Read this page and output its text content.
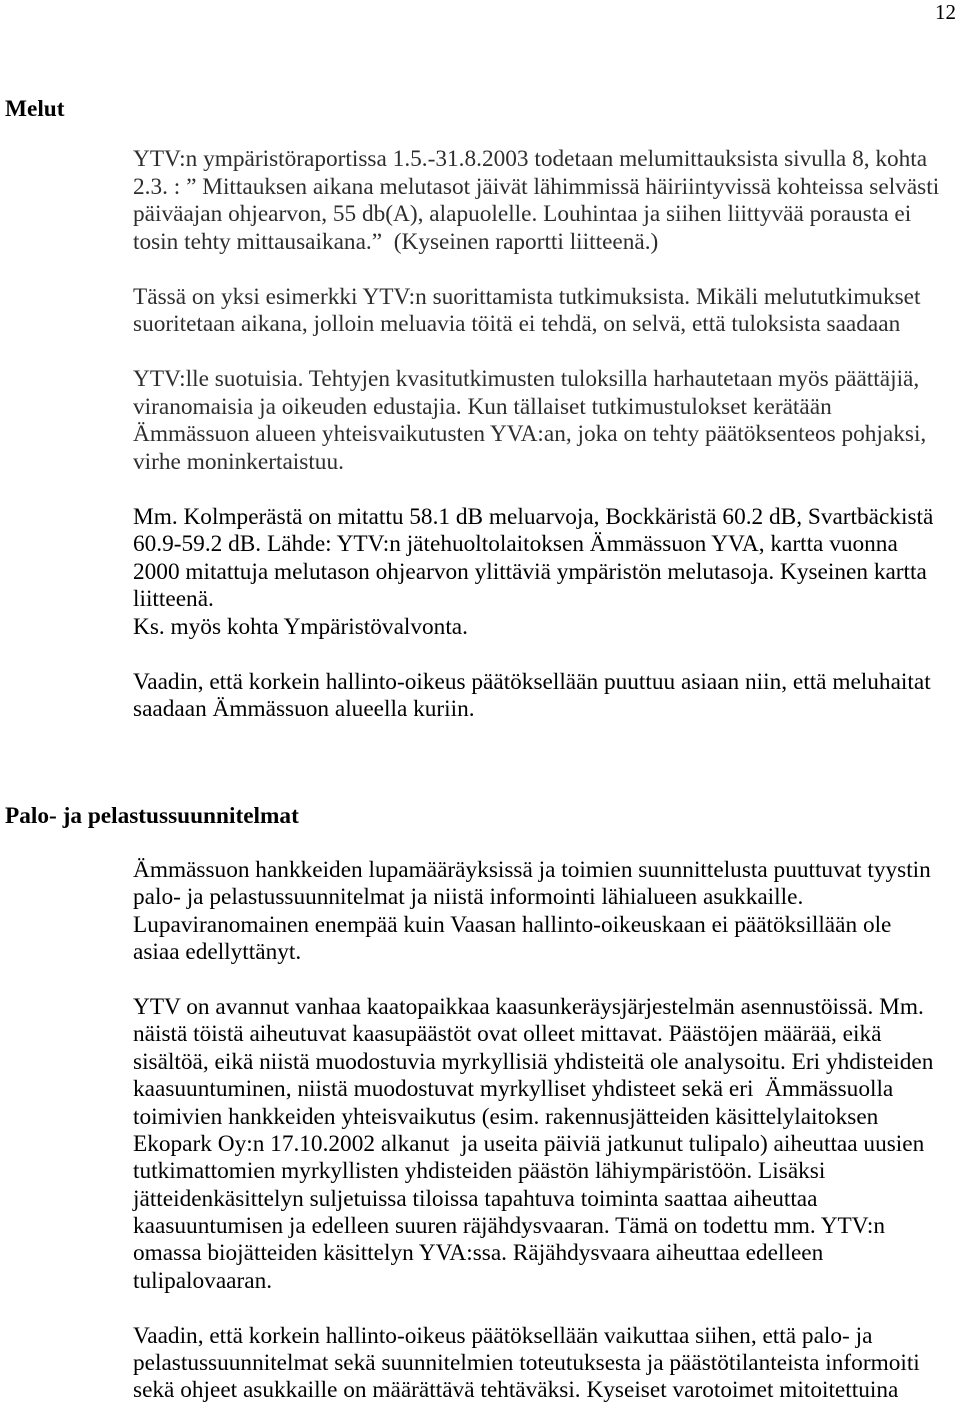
12
Melut
YTV:n ympäristöraportissa 1.5.-31.8.2003 todetaan melumittauksista sivulla 8, kohta
2.3. : ” Mittauksen aikana melutasot jäivät lähimmissä häiriintyvissä kohteissa selvästi
päiväajan ohjearvon, 55 db(A), alapuolelle. Louhintaa ja siihen liittyvää porausta ei
tosin tehty mittausaikana.”  (Kyseinen raportti liitteenä.)
Tässä on yksi esimerkki YTV:n suorittamista tutkimuksista. Mikäli melututkimukset
suoritetaan aikana, jolloin meluavia töitä ei tehdä, on selvä, että tuloksista saadaan
YTV:lle suotuisia. Tehtyjen kvasitutkimusten tuloksilla harhautetaan myös päättäjiä,
viranomaisia ja oikeuden edustajia. Kun tällaiset tutkimustulokset kerätään
Ämmässuon alueen yhteisvaikutusten YVA:an, joka on tehty päätöksenteos pohjaksi,
virhe moninkertaistuu.
Mm. Kolmperästä on mitattu 58.1 dB meluarvoja, Bockkäristä 60.2 dB, Svartbäckistä
60.9-59.2 dB. Lähde: YTV:n jätehuoltolaitoksen Ämmässuon YVA, kartta vuonna
2000 mitattuja melutason ohjearvon ylittäviä ympäristön melutasoja. Kyseinen kartta
liitteenä.
Ks. myös kohta Ympäristövalvonta.
Vaadin, että korkein hallinto-oikeus päätöksellään puuttuu asiaan niin, että meluhaitat
saadaan Ämmässuon alueella kuriin.
Palo- ja pelastussuunnitelmat
Ämmässuon hankkeiden lupamääräyksissä ja toimien suunnittelusta puuttuvat tyystin
palo- ja pelastussuunnitelmat ja niistä informointi lähialueen asukkaille.
Lupaviranomainen enempää kuin Vaasan hallinto-oikeuskaan ei päätöksillään ole
asiaa edellyttänyt.
YTV on avannut vanhaa kaatopaikkaa kaasunkeräysjärjestelmän asennustöissä. Mm.
näistä töistä aiheutuvat kaasupäästöt ovat olleet mittavat. Päästöjen määrää, eikä
sisältöä, eikä niistä muodostuvia myrkyllisiä yhdisteitä ole analysoitu. Eri yhdisteiden
kaasuuntuminen, niistä muodostuvat myrkylliset yhdisteet sekä eri  Ämmässuolla
toimivien hankkeiden yhteisvaikutus (esim. rakennusjätteiden käsittelylaitoksen
Ekopark Oy:n 17.10.2002 alkanut  ja useita päiviä jatkunut tulipalo) aiheuttaa uusien
tutkimattomien myrkyllisten yhdisteiden päästön lähiympäristöön. Lisäksi
jätteidenkäsittelyn suljetuissa tiloissa tapahtuva toiminta saattaa aiheuttaa
kaasuuntumisen ja edelleen suuren räjähdysvaaran. Tämä on todettu mm. YTV:n
omassa biojätteiden käsittelyn YVA:ssa. Räjähdysvaara aiheuttaa edelleen
tulipalovaaran.
Vaadin, että korkein hallinto-oikeus päätöksellään vaikuttaa siihen, että palo- ja
pelastussuunnitelmat sekä suunnitelmien toteutuksesta ja päästötilanteista informoiti
sekä ohjeet asukkaille on määrättävä tehtäväksi. Kyseiset varotoimet mitoitettuina
